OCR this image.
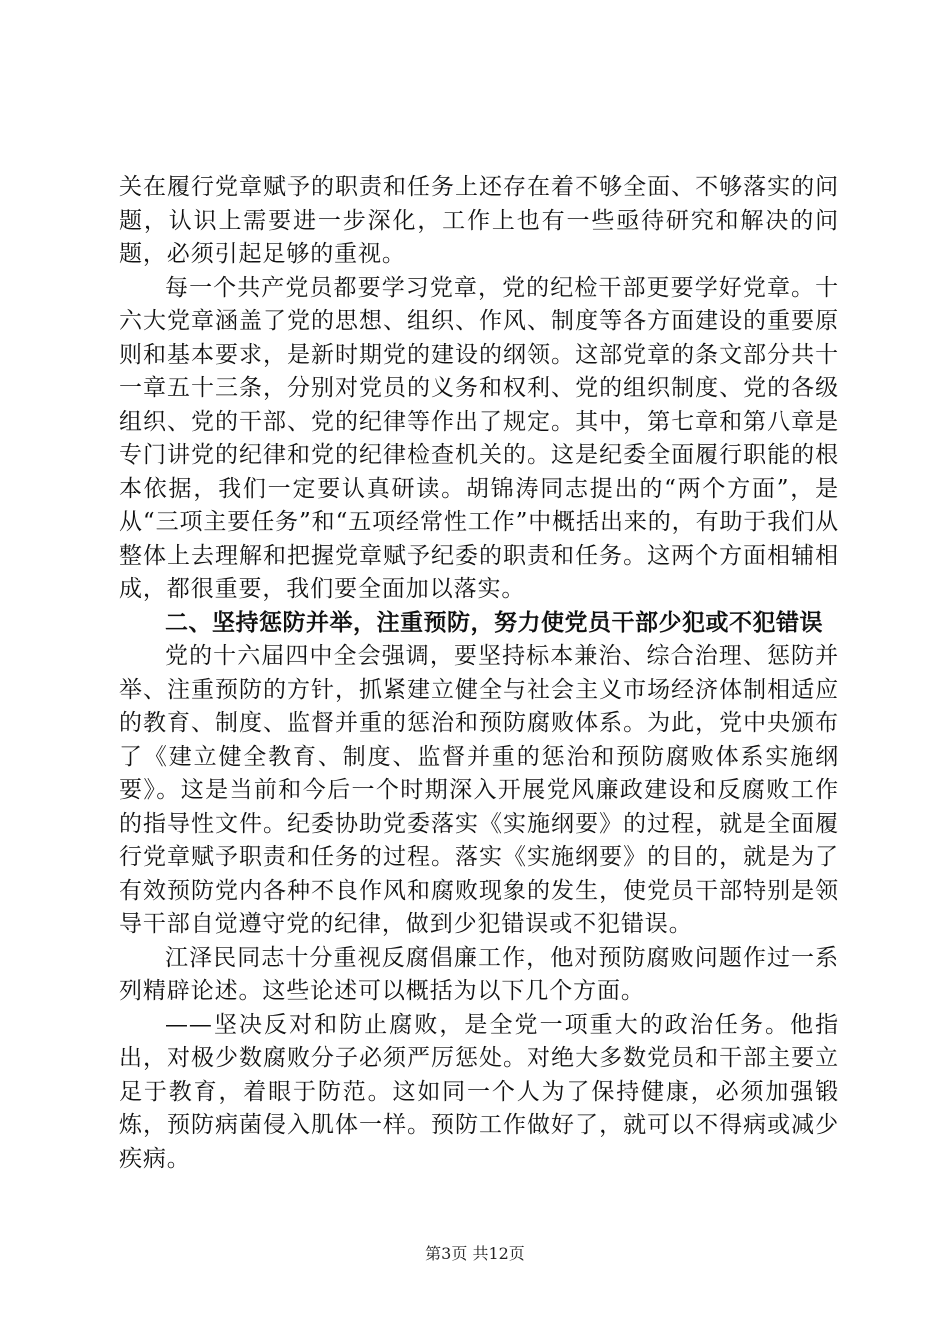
关在履行党章赋予的职责和任务上还存在着不够全面、不够落实的问题，认识上需要进一步深化，工作上也有一些亟待研究和解决的问题，必须引起足够的重视。

每一个共产党员都要学习党章，党的纪检干部更要学好党章。十六大党章涵盖了党的思想、组织、作风、制度等各方面建设的重要原则和基本要求，是新时期党的建设的纲领。这部党章的条文部分共十一章五十三条，分别对党员的义务和权利、党的组织制度、党的各级组织、党的干部、党的纪律等作出了规定。其中，第七章和第八章是专门讲党的纪律和党的纪律检查机关的。这是纪委全面履行职能的根本依据，我们一定要认真研读。胡锦涛同志提出的“两个方面”，是从“三项主要任务”和“五项经常性工作”中概括出来的，有助于我们从整体上去理解和把握党章赋予纪委的职责和任务。这两个方面相辅相成，都很重要，我们要全面加以落实。

二、坚持惩防并举，注重预防，努力使党员干部少犯或不犯错误

党的十六届四中全会强调，要坚持标本兼治、综合治理、惩防并举、注重预防的方针，抓紧建立健全与社会主义市场经济体制相适应的教育、制度、监督并重的惩治和预防腐败体系。为此，党中央颁布了《建立健全教育、制度、监督并重的惩治和预防腐败体系实施纲要》。这是当前和今后一个时期深入开展党风廉政建设和反腐败工作的指导性文件。纪委协助党委落实《实施纲要》的过程，就是全面履行党章赋予职责和任务的过程。落实《实施纲要》的目的，就是为了有效预防党内各种不良作风和腐败现象的发生，使党员干部特别是领导干部自觉遵守党的纪律，做到少犯错误或不犯错误。

江泽民同志十分重视反腐倡廉工作，他对预防腐败问题作过一系列精辟论述。这些论述可以概括为以下几个方面。

——坚决反对和防止腐败，是全党一项重大的政治任务。他指出，对极少数腐败分子必须严厉惩处。对绝大多数党员和干部主要立足于教育，着眼于防范。这如同一个人为了保持健康，必须加强锻炼，预防病菌侵入肌体一样。预防工作做好了，就可以不得病或减少疾病。

第3页 共12页
